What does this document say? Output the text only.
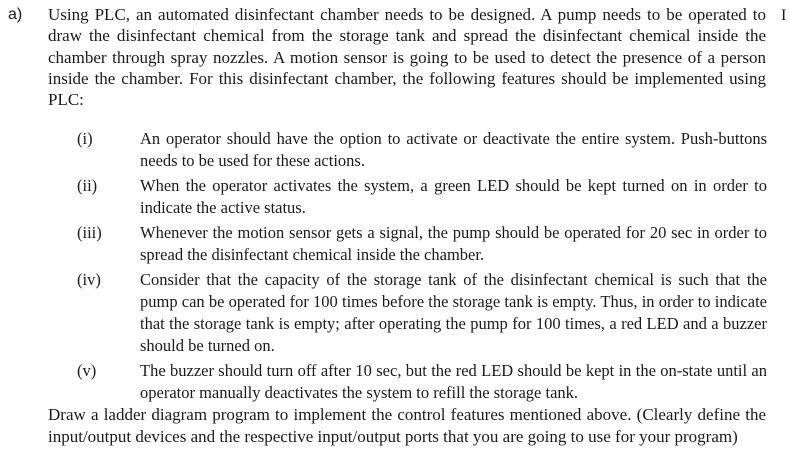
a)	I

Using PLC, an automated disinfectant chamber needs to be designed. A pump needs to be operated to draw the disinfectant chemical from the storage tank and spread the disinfectant chemical inside the chamber through spray nozzles. A motion sensor is going to be used to detect the presence of a person inside the chamber. For this disinfectant chamber, the following features should be implemented using PLC:

(i)	An operator should have the option to activate or deactivate the entire system. Push-buttons needs to be used for these actions.
(ii)	When the operator activates the system, a green LED should be kept turned on in order to indicate the active status.
(iii) Whenever the motion sensor gets a signal, the pump should be operated for 20 sec in order to spread the disinfectant chemical inside the chamber.
(iv) Consider that the capacity of the storage tank of the disinfectant chemical is such that the pump can be operated for 100 times before the storage tank is empty. Thus, in order to indicate that the storage tank is empty; after operating the pump for 100 times, a red LED and a buzzer should be turned on.
(v)	The buzzer should turn off after 10 sec, but the red LED should be kept in the on-state until an operator manually deactivates the system to refill the storage tank.

Draw a ladder diagram program to implement the control features mentioned above. (Clearly define the input/output devices and the respective input/output ports that you are going to use for your program)
